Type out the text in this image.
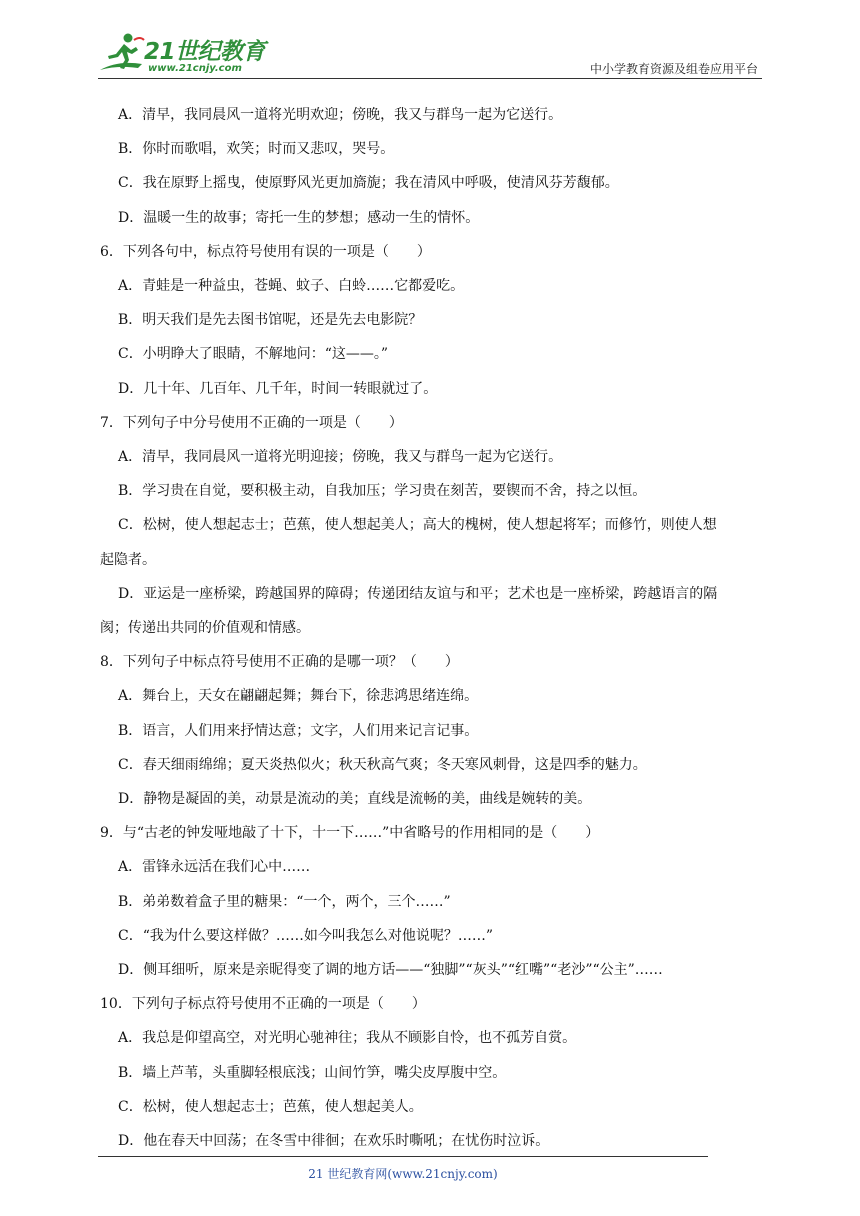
21世纪教育
www.21cnjy.com	中小学教育资源及组卷应用平台
A．清早，我同晨风一道将光明欢迎；傍晚，我又与群鸟一起为它送行。
B．你时而歌唱，欢笑；时而又悲叹，哭号。
C．我在原野上摇曳，使原野风光更加旖旎；我在清风中呼吸，使清风芬芳馥郁。
D．温暖一生的故事；寄托一生的梦想；感动一生的情怀。
6．下列各句中，标点符号使用有误的一项是（　　）
A．青蛙是一种益虫，苍蝇、蚊子、白蛉……它都爱吃。
B．明天我们是先去图书馆呢，还是先去电影院？
C．小明睁大了眼睛，不解地问：“这——。”
D．几十年、几百年、几千年，时间一转眼就过了。
7．下列句子中分号使用不正确的一项是（　　）
A．清早，我同晨风一道将光明迎接；傍晚，我又与群鸟一起为它送行。
B．学习贵在自觉，要积极主动，自我加压；学习贵在刻苦，要锲而不舍，持之以恒。
C．松树，使人想起志士；芭蕉，使人想起美人；高大的槐树，使人想起将军；而修竹，则使人想
起隐者。
D．亚运是一座桥梁，跨越国界的障碍；传递团结友谊与和平；艺术也是一座桥梁，跨越语言的隔
阂；传递出共同的价值观和情感。
8．下列句子中标点符号使用不正确的是哪一项？（　　）
A．舞台上，天女在翩翩起舞；舞台下，徐悲鸿思绪连绵。
B．语言，人们用来抒情达意；文字，人们用来记言记事。
C．春天细雨绵绵；夏天炎热似火；秋天秋高气爽；冬天寒风刺骨，这是四季的魅力。
D．静物是凝固的美，动景是流动的美；直线是流畅的美，曲线是婉转的美。
9．与“古老的钟发哑地敲了十下，十一下……”中省略号的作用相同的是（　　）
A．雷锋永远活在我们心中……
B．弟弟数着盒子里的糖果：“一个，两个，三个……”
C．“我为什么要这样做？……如今叫我怎么对他说呢？……”
D．侧耳细听，原来是亲昵得变了调的地方话——“独脚”“灰头”“红嘴”“老沙”“公主”……
10．下列句子标点符号使用不正确的一项是（　　）
A．我总是仰望高空，对光明心驰神往；我从不顾影自怜，也不孤芳自赏。
B．墙上芦苇，头重脚轻根底浅；山间竹笋，嘴尖皮厚腹中空。
C．松树，使人想起志士；芭蕉，使人想起美人。
D．他在春天中回荡；在冬雪中徘徊；在欢乐时嘶吼；在忧伤时泣诉。
21 世纪教育网(www.21cnjy.com)
